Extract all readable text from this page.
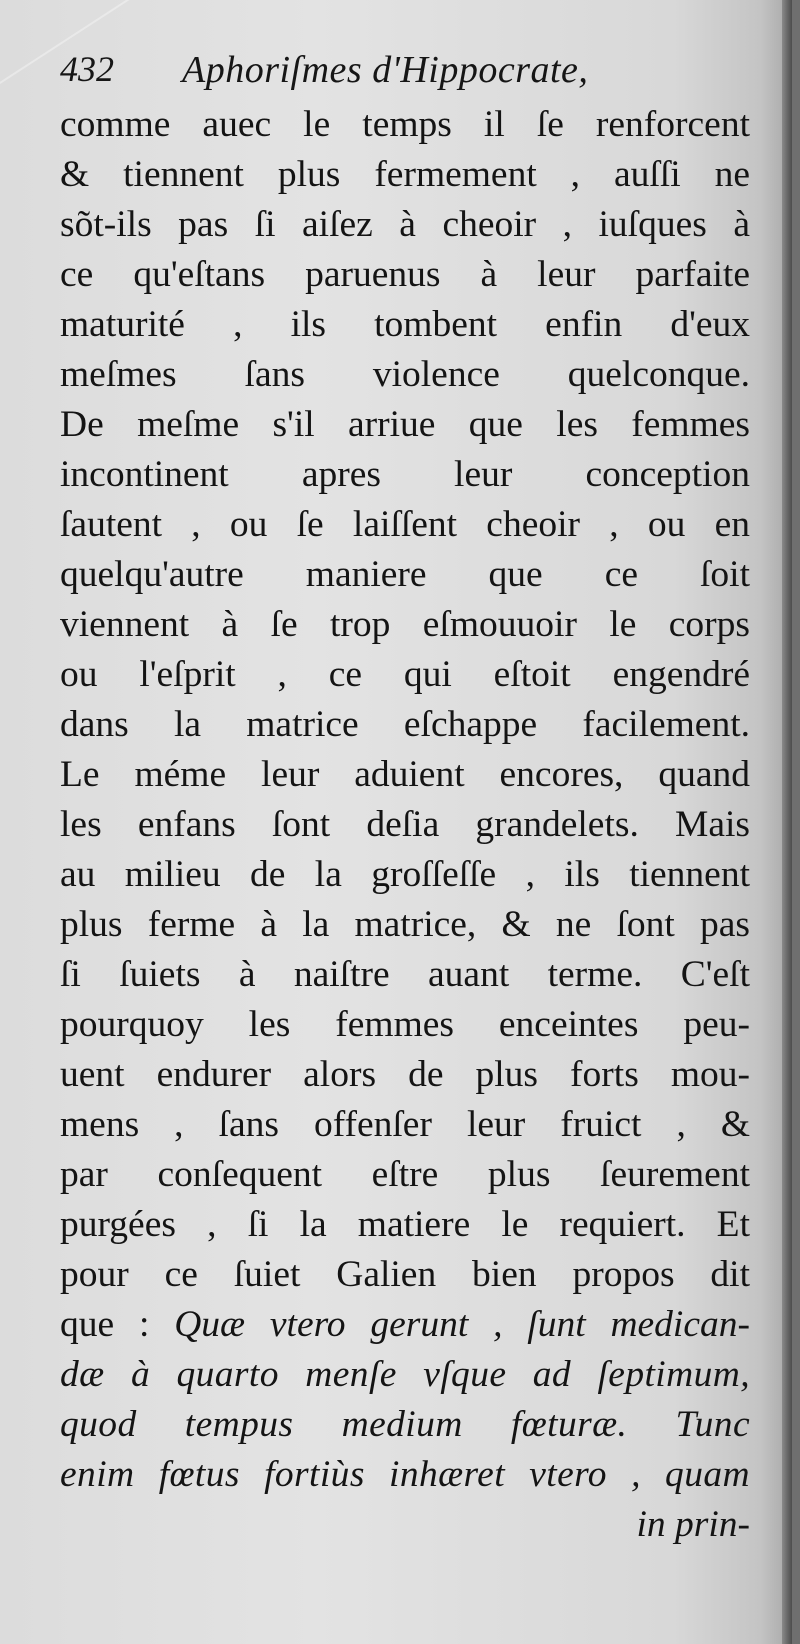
432 Aphoriſmes d'Hippocrate,
comme auec le temps il ſe renforcent
& tiennent plus fermement , auſſi ne
sõt-ils pas ſi aiſez à cheoir , iuſques à
ce qu'eſtans paruenus à leur parfaite
maturité , ils tombent enfin d'eux
meſmes ſans violence quelconque.
De meſme s'il arriue que les femmes
incontinent apres leur conception
ſautent , ou ſe laiſſent cheoir , ou en
quelqu'autre maniere que ce ſoit
viennent à ſe trop eſmouuoir le corps
ou l'eſprit , ce qui eſtoit engendré
dans la matrice eſchappe facilement.
Le méme leur aduient encores, quand
les enfans ſont deſia grandelets. Mais
au milieu de la groſſeſſe , ils tiennent
plus ferme à la matrice, & ne ſont pas
ſi ſuiets à naiſtre auant terme. C'eſt
pourquoy les femmes enceintes peu-
uent endurer alors de plus forts mou-
mens , ſans offenſer leur fruict , &
par conſequent eſtre plus ſeurement
purgées , ſi la matiere le requiert. Et
pour ce ſuiet Galien bien propos dit
que : Quæ vtero gerunt , ſunt medican-
dæ à quarto menſe vſque ad ſeptimum,
quod tempus medium fœturæ. Tunc
enim fœtus fortiùs inhæret vtero , quam
in prin-
